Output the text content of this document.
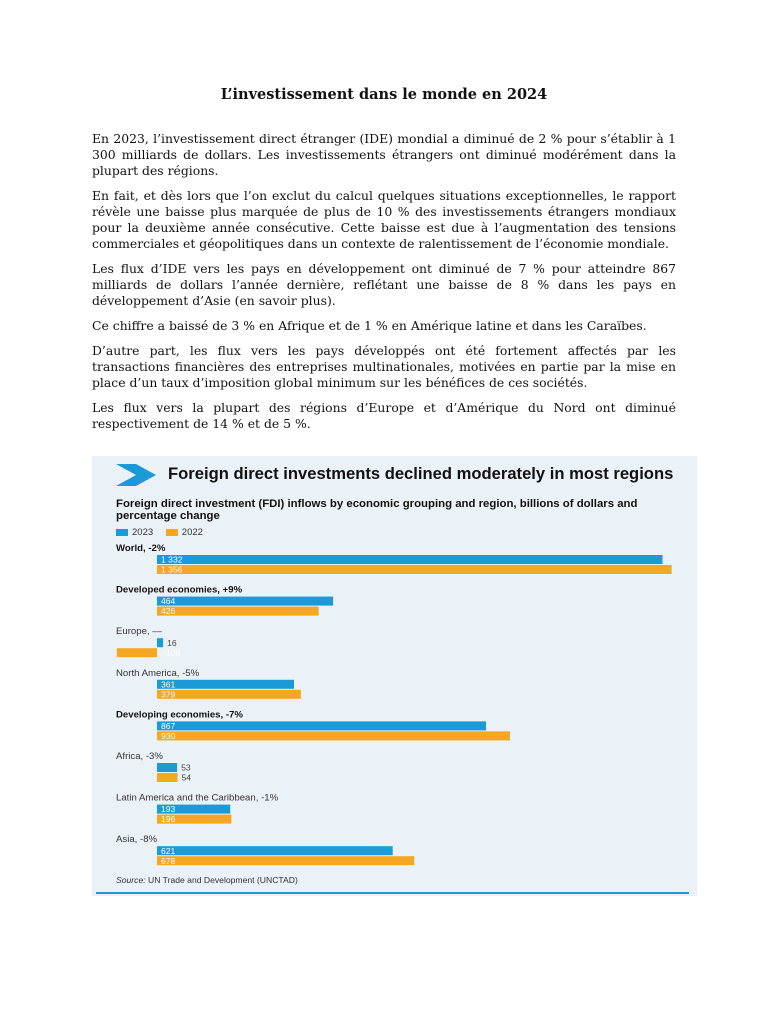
L’investissement dans le monde en 2024

En 2023, l’investissement direct étranger (IDE) mondial a diminué de 2 % pour s’établir à 1 300 milliards de dollars. Les investissements étrangers ont diminué modérément dans la plupart des régions.

En fait, et dès lors que l’on exclut du calcul quelques situations exceptionnelles, le rapport révèle une baisse plus marquée de plus de 10 % des investissements étrangers mondiaux pour la deuxième année consécutive. Cette baisse est due à l’augmentation des tensions commerciales et géopolitiques dans un contexte de ralentissement de l’économie mondiale.

Les flux d’IDE vers les pays en développement ont diminué de 7 % pour atteindre 867 milliards de dollars l’année dernière, reflétant une baisse de 8 % dans les pays en développement d’Asie (en savoir plus).

Ce chiffre a baissé de 3 % en Afrique et de 1 % en Amérique latine et dans les Caraïbes.

D’autre part, les flux vers les pays développés ont été fortement affectés par les transactions financières des entreprises multinationales, motivées en partie par la mise en place d’un taux d’imposition global minimum sur les bénéfices de ces sociétés.

Les flux vers la plupart des régions d’Europe et d’Amérique du Nord ont diminué respectivement de 14 % et de 5 %.

Foreign direct investments declined moderately in most regions

Foreign direct investment (FDI) inflows by economic grouping and region, billions of dollars and percentage change

2023
	2022
World, -2%
1 332
1 356
Developed economies, +9%
464
426
Europe, —
16
−106
North America, -5%
361
379
Developing economies, -7%
867
930
Africa, -3%
53
54
Latin America and the Caribbean, -1%
193
196
Asia, -8%
621
678

Source: UN Trade and Development (UNCTAD)
